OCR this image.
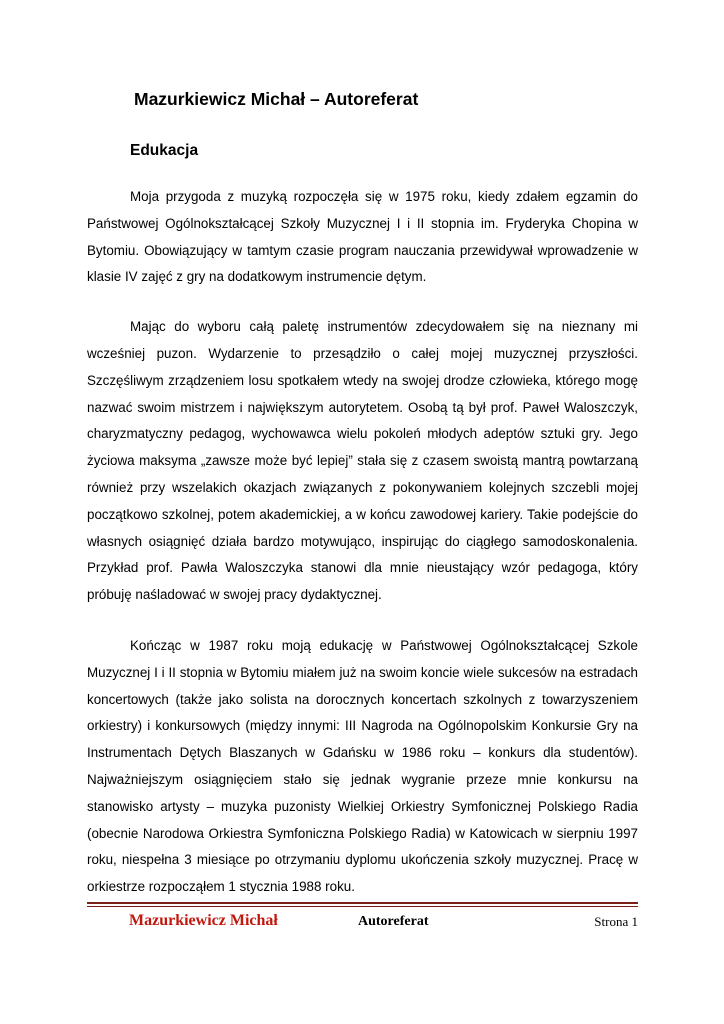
Mazurkiewicz Michał – Autoreferat
Edukacja

Moja przygoda z muzyką rozpoczęła się w 1975 roku, kiedy zdałem egzamin do Państwowej Ogólnokształcącej Szkoły Muzycznej I i II stopnia im. Fryderyka Chopina w Bytomiu. Obowiązujący w tamtym czasie program nauczania przewidywał wprowadzenie w klasie IV zajęć z gry na dodatkowym instrumencie dętym.

Mając do wyboru całą paletę instrumentów zdecydowałem się na nieznany mi wcześniej puzon. Wydarzenie to przesądziło o całej mojej muzycznej przyszłości. Szczęśliwym zrządzeniem losu spotkałem wtedy na swojej drodze człowieka, którego mogę nazwać swoim mistrzem i największym autorytetem. Osobą tą był prof. Paweł Waloszczyk, charyzmatyczny pedagog, wychowawca wielu pokoleń młodych adeptów sztuki gry. Jego życiowa maksyma „zawsze może być lepiej” stała się z czasem swoistą mantrą powtarzaną również przy wszelakich okazjach związanych z pokonywaniem kolejnych szczebli mojej początkowo szkolnej, potem akademickiej, a w końcu zawodowej kariery. Takie podejście do własnych osiągnięć działa bardzo motywująco, inspirując do ciągłego samodoskonalenia. Przykład prof. Pawła Waloszczyka stanowi dla mnie nieustający wzór pedagoga, który próbuję naśladować w swojej pracy dydaktycznej.

Kończąc w 1987 roku moją edukację w Państwowej Ogólnokształcącej Szkole Muzycznej I i II stopnia w Bytomiu miałem już na swoim koncie wiele sukcesów na estradach koncertowych (także jako solista na dorocznych koncertach szkolnych z towarzyszeniem orkiestry) i konkursowych (między innymi: III Nagroda na Ogólnopolskim Konkursie Gry na Instrumentach Dętych Blaszanych w Gdańsku w 1986 roku – konkurs dla studentów). Najważniejszym osiągnięciem stało się jednak wygranie przeze mnie konkursu na stanowisko artysty – muzyka puzonisty Wielkiej Orkiestry Symfonicznej Polskiego Radia (obecnie Narodowa Orkiestra Symfoniczna Polskiego Radia) w Katowicach w sierpniu 1997 roku, niespełna 3 miesiące po otrzymaniu dyplomu ukończenia szkoły muzycznej. Pracę w orkiestrze rozpocząłem 1 stycznia 1988 roku.

Mazurkiewicz Michał	Autoreferat	Strona 1
